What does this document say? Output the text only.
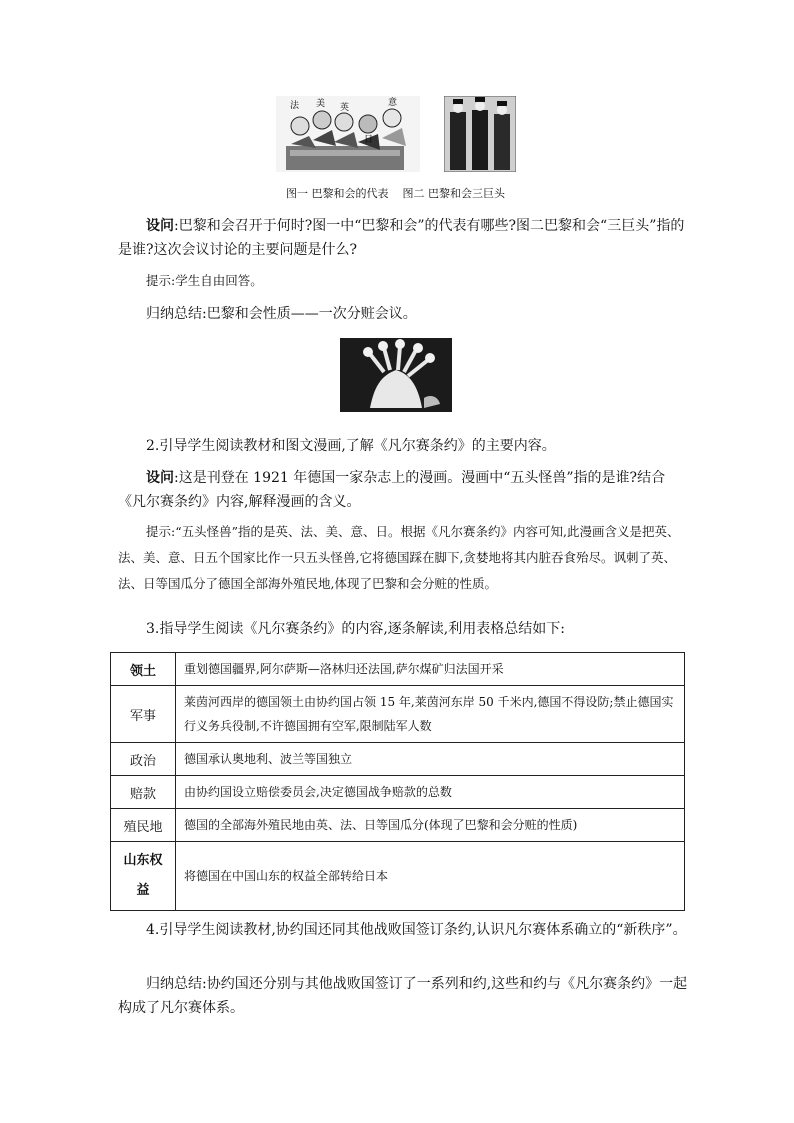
法 美 英	意
日
图一 巴黎和会的代表 图二 巴黎和会三巨头

设问:巴黎和会召开于何时?图一中“巴黎和会”的代表有哪些?图二巴黎和会“三巨头”指的是谁?这次会议讨论的主要问题是什么?

提示:学生自由回答。

归纳总结:巴黎和会性质——一次分赃会议。

2.引导学生阅读教材和图文漫画,了解《凡尔赛条约》的主要内容。

设问:这是刊登在 1921 年德国一家杂志上的漫画。漫画中“五头怪兽”指的是谁?结合《凡尔赛条约》内容,解释漫画的含义。

提示:“五头怪兽”指的是英、法、美、意、日。根据《凡尔赛条约》内容可知,此漫画含义是把英、法、美、意、日五个国家比作一只五头怪兽,它将德国踩在脚下,贪婪地将其内脏吞食殆尽。讽刺了英、法、日等国瓜分了德国全部海外殖民地,体现了巴黎和会分赃的性质。

3.指导学生阅读《凡尔赛条约》的内容,逐条解读,利用表格总结如下:

领土	重划德国疆界,阿尔萨斯—洛林归还法国,萨尔煤矿归法国开采
军事	莱茵河西岸的德国领土由协约国占领 15 年,莱茵河东岸 50 千米内,德国不得设防;禁止德国实行义务兵役制,不许德国拥有空军,限制陆军人数
政治	德国承认奥地利、波兰等国独立
赔款	由协约国设立赔偿委员会,决定德国战争赔款的总数
殖民地	德国的全部海外殖民地由英、法、日等国瓜分(体现了巴黎和会分赃的性质)
山东权益	将德国在中国山东的权益全部转给日本

4.引导学生阅读教材,协约国还同其他战败国签订条约,认识凡尔赛体系确立的“新秩序”。

归纳总结:协约国还分别与其他战败国签订了一系列和约,这些和约与《凡尔赛条约》一起构成了凡尔赛体系。
